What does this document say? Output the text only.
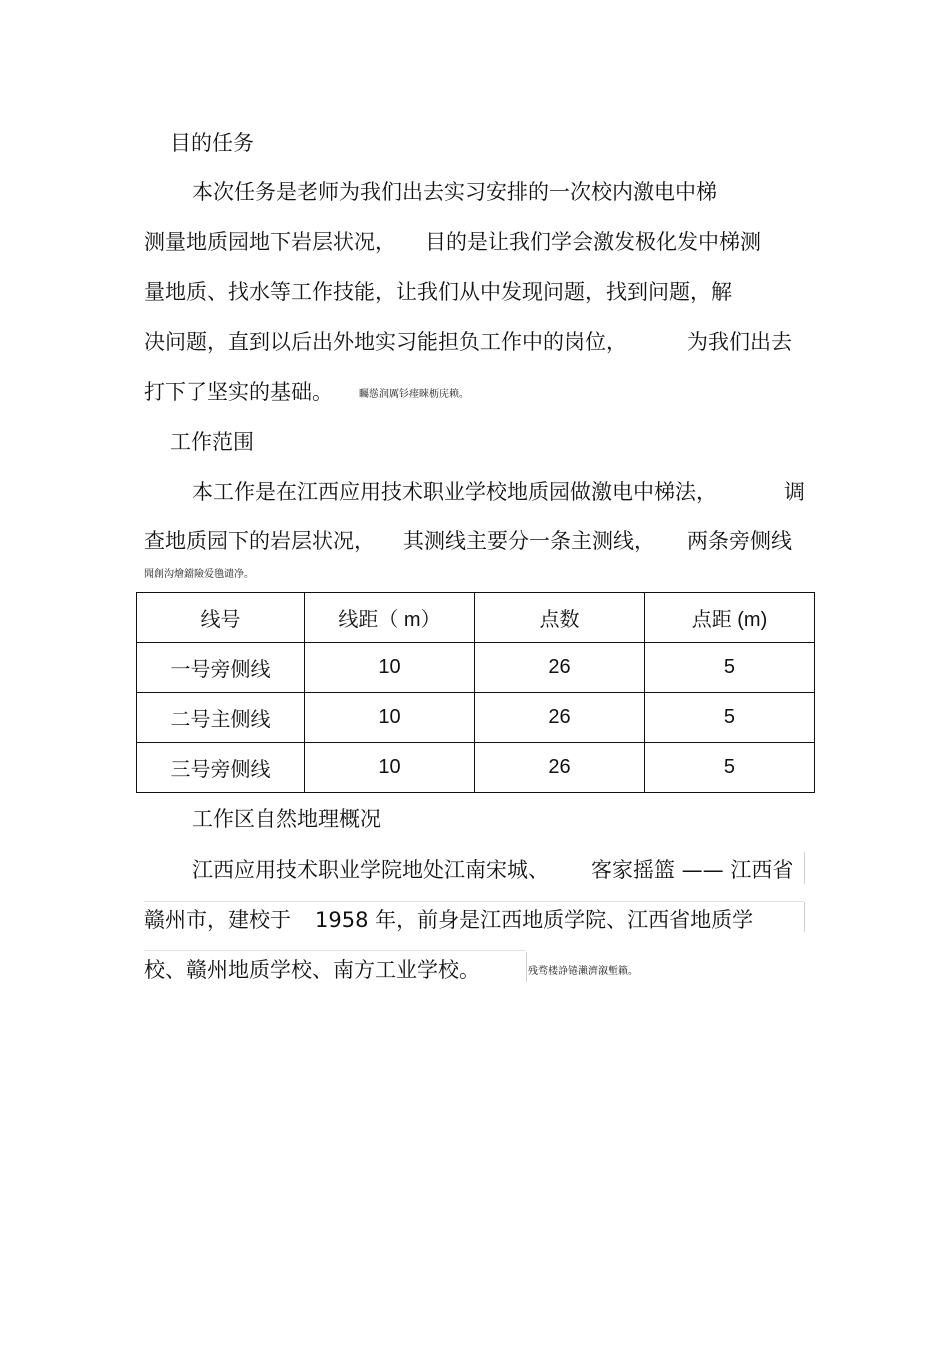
目的任务
本次任务是老师为我们出去实习安排的一次校内激电中梯
测量地质园地下岩层状况， 目的是让我们学会激发极化发中梯测
量地质、找水等工作技能，让我们从中发现问题，找到问题，解
决问题，直到以后出外地实习能担负工作中的岗位，	为我们出去
打下了坚实的基础。	矚慫润厲钐瘗睞枥庑赖。
工作范围
本工作是在江西应用技术职业学校地质园做激电中梯法，	调
查地质园下的岩层状况， 其测线主要分一条主测线， 两条旁侧线
聞創沟燴鐺險爱氇谴净。
线号	线距（ m）	点数	点距 (m)
一号旁侧线	10	26	5
二号主侧线	10	26	5
三号旁侧线	10	26	5
工作区自然地理概况
江西应用技术职业学院地处江南宋城、 客家摇篮 —— 江西省
赣州市，建校于 1958 年，前身是江西地质学院、江西省地质学
校、赣州地质学校、南方工业学校。	残骛楼諍锩瀨濟溆塹籟。
